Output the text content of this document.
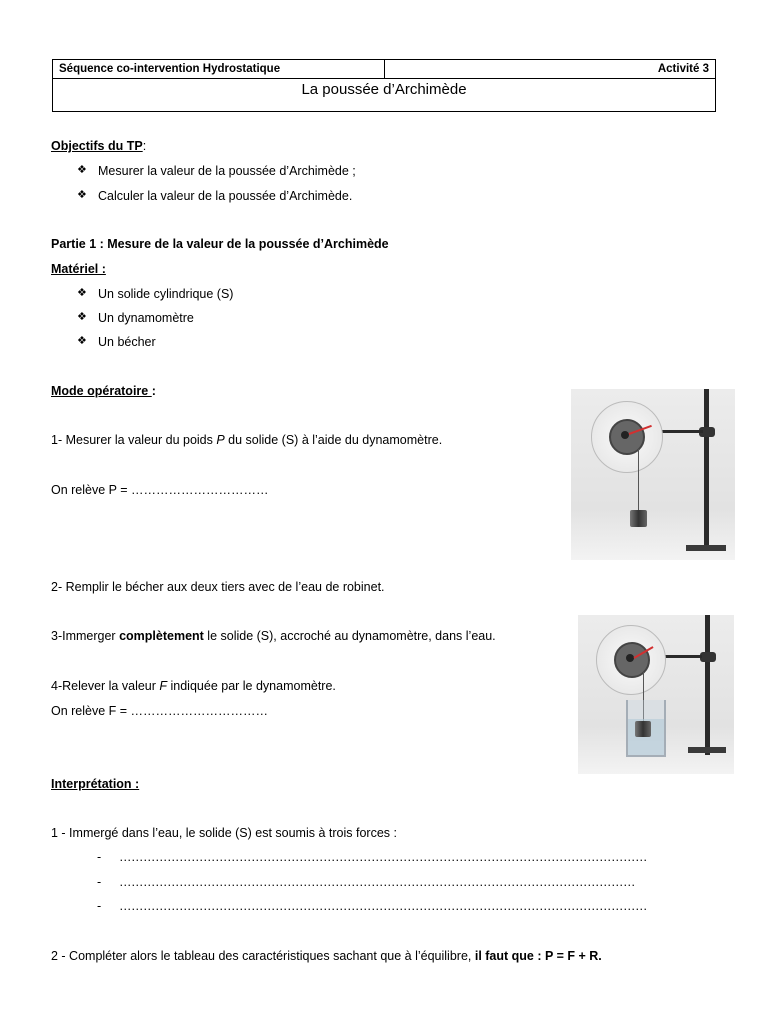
Séquence co-intervention Hydrostatique	Activité 3
La poussée d’Archimède
Objectifs du TP:
❖ Mesurer la valeur de la poussée d’Archimède ;
❖ Calculer la valeur de la poussée d’Archimède.
Partie 1 : Mesure de la valeur de la poussée d’Archimède
Matériel :
❖ Un solide cylindrique (S)
❖ Un dynamomètre
❖ Un bécher
Mode opératoire :
1- Mesurer la valeur du poids P du solide (S) à l’aide du dynamomètre.
On relève P = ……………………………
2- Remplir le bécher aux deux tiers avec de l’eau de robinet.
3-Immerger complètement le solide (S), accroché au dynamomètre, dans l’eau.
4-Relever la valeur F indiquée par le dynamomètre.
On relève F = ……………………………
Interprétation :
1 - Immergé dans l’eau, le solide (S) est soumis à trois forces :
- ……………………………………………………………………………………………………………………
- …………………………………………………………………………………………………………………
- ……………………………………………………………………………………………………………………
2 - Compléter alors le tableau des caractéristiques sachant que à l’équilibre, il faut que : P = F + R.
